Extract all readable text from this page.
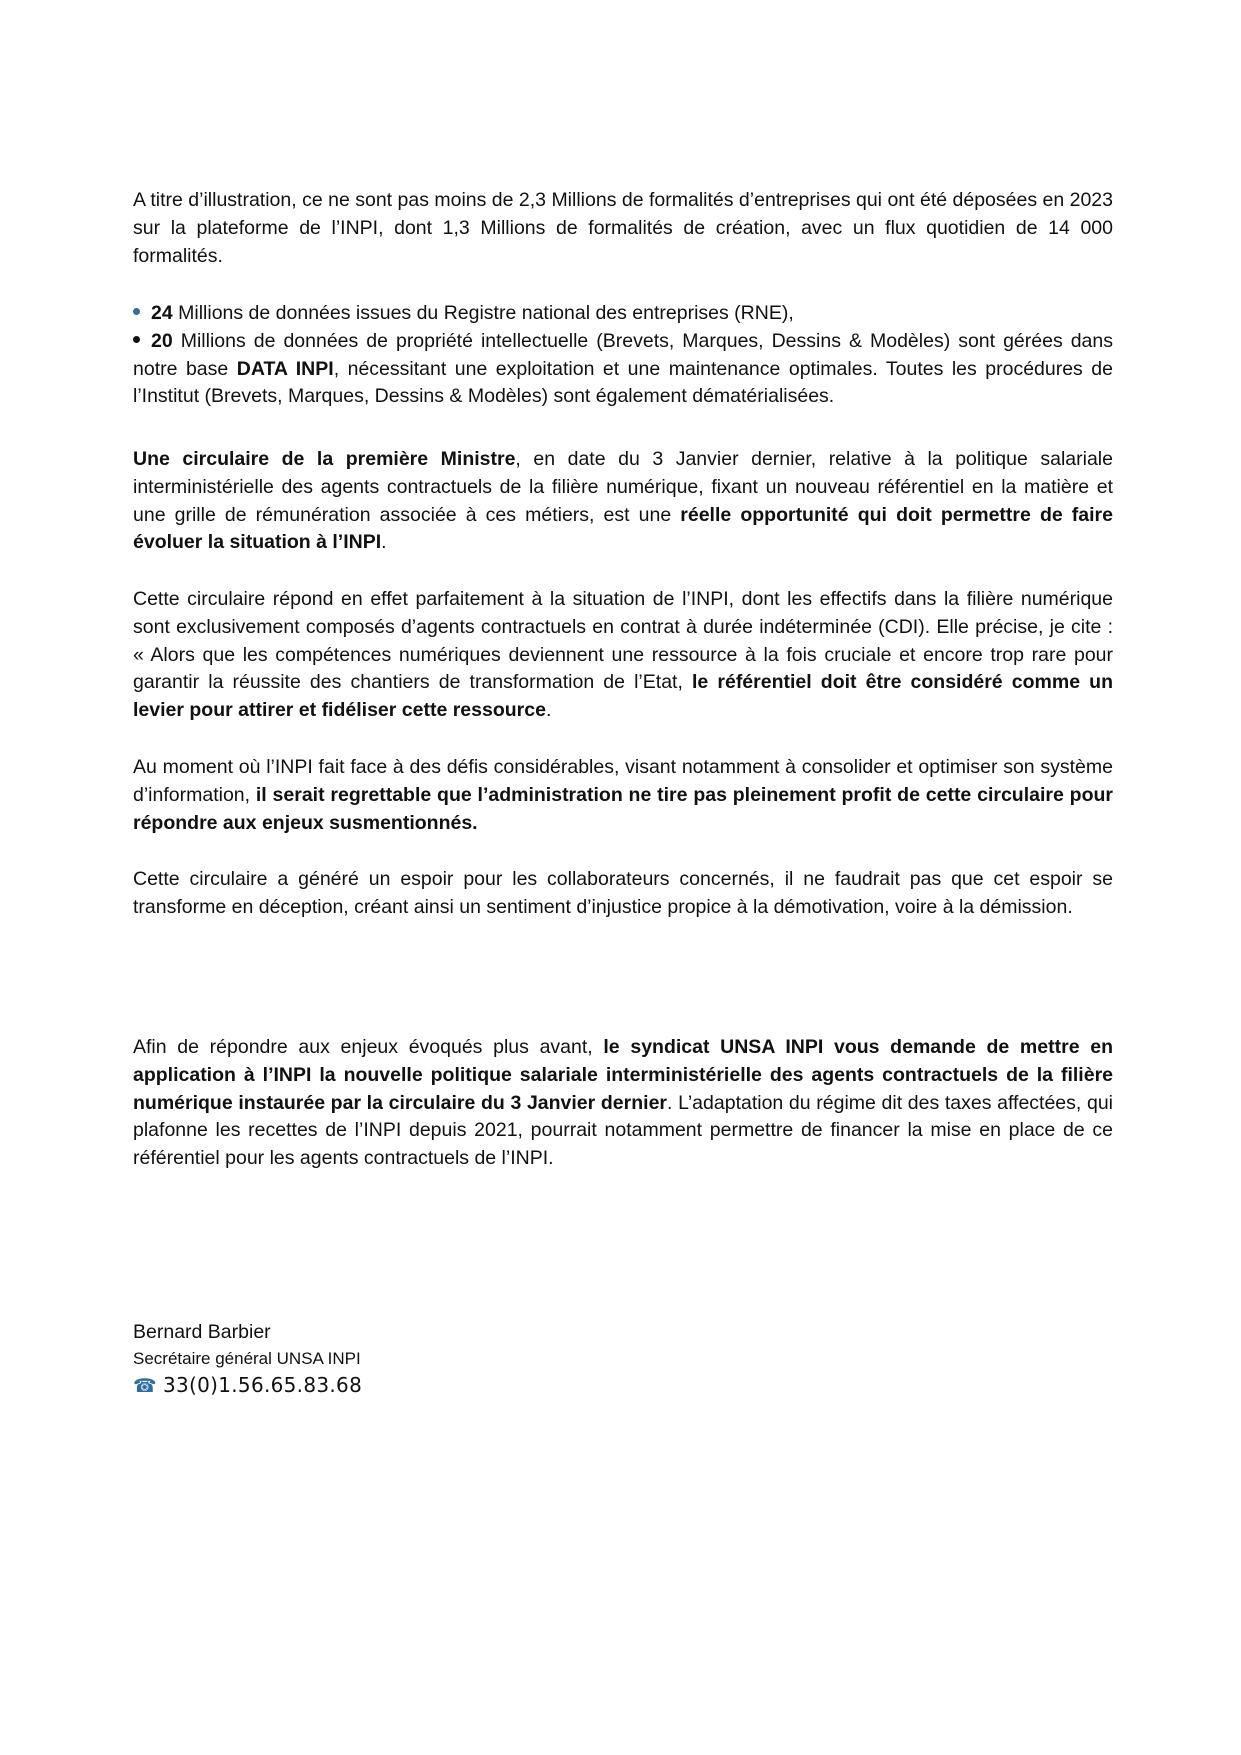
A titre d’illustration, ce ne sont pas moins de 2,3 Millions de formalités d’entreprises qui ont été déposées en 2023 sur la plateforme de l’INPI, dont 1,3 Millions de formalités de création, avec un flux quotidien de 14 000 formalités.

24 Millions de données issues du Registre national des entreprises (RNE),

20 Millions de données de propriété intellectuelle (Brevets, Marques, Dessins & Modèles) sont gérées dans notre base DATA INPI, nécessitant une exploitation et une maintenance optimales. Toutes les procédures de l’Institut (Brevets, Marques, Dessins & Modèles) sont également dématérialisées.

Une circulaire de la première Ministre, en date du 3 Janvier dernier, relative à la politique salariale interministérielle des agents contractuels de la filière numérique, fixant un nouveau référentiel en la matière et une grille de rémunération associée à ces métiers, est une réelle opportunité qui doit permettre de faire évoluer la situation à l’INPI.

Cette circulaire répond en effet parfaitement à la situation de l’INPI, dont les effectifs dans la filière numérique sont exclusivement composés d’agents contractuels en contrat à durée indéterminée (CDI). Elle précise, je cite : « Alors que les compétences numériques deviennent une ressource à la fois cruciale et encore trop rare pour garantir la réussite des chantiers de transformation de l’Etat, le référentiel doit être considéré comme un levier pour attirer et fidéliser cette ressource.

Au moment où l’INPI fait face à des défis considérables, visant notamment à consolider et optimiser son système d’information, il serait regrettable que l’administration ne tire pas pleinement profit de cette circulaire pour répondre aux enjeux susmentionnés.

Cette circulaire a généré un espoir pour les collaborateurs concernés, il ne faudrait pas que cet espoir se transforme en déception, créant ainsi un sentiment d’injustice propice à la démotivation, voire à la démission.

Afin de répondre aux enjeux évoqués plus avant, le syndicat UNSA INPI vous demande de mettre en application à l’INPI la nouvelle politique salariale interministérielle des agents contractuels de la filière numérique instaurée par la circulaire du 3 Janvier dernier. L’adaptation du régime dit des taxes affectées, qui plafonne les recettes de l’INPI depuis 2021, pourrait notamment permettre de financer la mise en place de ce référentiel pour les agents contractuels de l’INPI.

Bernard Barbier
Secrétaire général UNSA INPI
☎ 33(0)1.56.65.83.68
